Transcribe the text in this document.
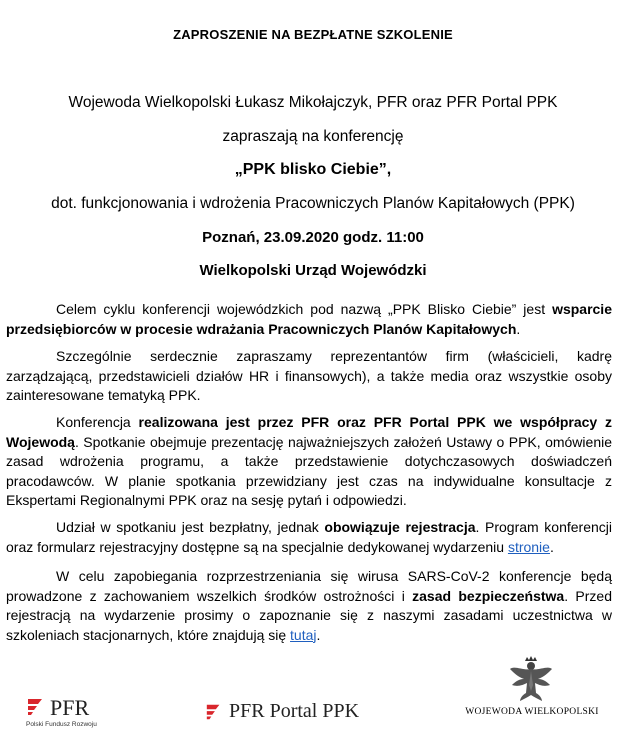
ZAPROSZENIE NA BEZPŁATNE SZKOLENIE
Wojewoda Wielkopolski Łukasz Mikołajczyk, PFR oraz PFR Portal PPK
zapraszają na konferencję
„PPK blisko Ciebie”,
dot. funkcjonowania i wdrożenia Pracowniczych Planów Kapitałowych (PPK)
Poznań, 23.09.2020 godz. 11:00
Wielkopolski Urząd Wojewódzki
Celem cyklu konferencji wojewódzkich pod nazwą „PPK Blisko Ciebie” jest wsparcie przedsiębiorców w procesie wdrażania Pracowniczych Planów Kapitałowych.
Szczególnie serdecznie zapraszamy reprezentantów firm (właścicieli, kadrę zarządzającą, przedstawicieli działów HR i finansowych), a także media oraz wszystkie osoby zainteresowane tematyką PPK.
Konferencja realizowana jest przez PFR oraz PFR Portal PPK we współpracy z Wojewodą. Spotkanie obejmuje prezentację najważniejszych założeń Ustawy o PPK, omówienie zasad wdrożenia programu, a także przedstawienie dotychczasowych doświadczeń pracodawców. W planie spotkania przewidziany jest czas na indywidualne konsultacje z Ekspertami Regionalnymi PPK oraz na sesję pytań i odpowiedzi.
Udział w spotkaniu jest bezpłatny, jednak obowiązuje rejestracja. Program konferencji oraz formularz rejestracyjny dostępne są na specjalnie dedykowanej wydarzeniu stronie.
W celu zapobiegania rozprzestrzeniania się wirusa SARS-CoV-2 konferencje będą prowadzone z zachowaniem wszelkich środków ostrożności i zasad bezpieczeństwa. Przed rejestracją na wydarzenie prosimy o zapoznanie się z naszymi zasadami uczestnictwa w szkoleniach stacjonarnych, które znajdują się tutaj.
PFR
Polski Fundusz Rozwoju
PFR Portal PPK	WOJEWODA WIELKOPOLSKI
